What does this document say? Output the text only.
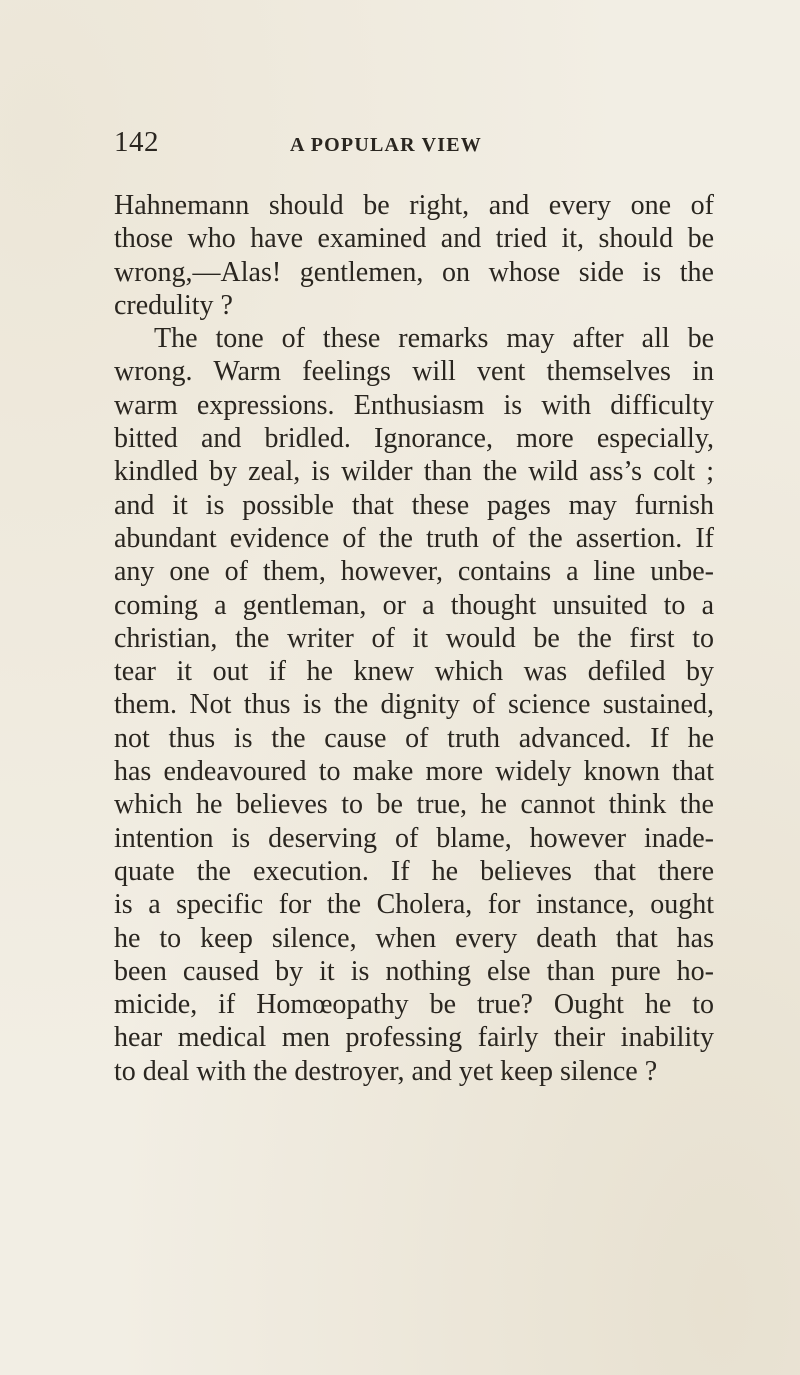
142	A POPULAR VIEW
Hahnemann should be right, and every one of
those who have examined and tried it, should be
wrong,—Alas! gentlemen, on whose side is the
credulity ?
The tone of these remarks may after all be
wrong. Warm feelings will vent themselves in
warm expressions. Enthusiasm is with difficulty
bitted and bridled. Ignorance, more especially,
kindled by zeal, is wilder than the wild ass’s colt ;
and it is possible that these pages may furnish
abundant evidence of the truth of the assertion. If
any one of them, however, contains a line unbe-
coming a gentleman, or a thought unsuited to a
christian, the writer of it would be the first to
tear it out if he knew which was defiled by
them. Not thus is the dignity of science sustained,
not thus is the cause of truth advanced. If he
has endeavoured to make more widely known that
which he believes to be true, he cannot think the
intention is deserving of blame, however inade-
quate the execution. If he believes that there
is a specific for the Cholera, for instance, ought
he to keep silence, when every death that has
been caused by it is nothing else than pure ho-
micide, if Homœopathy be true? Ought he to
hear medical men professing fairly their inability
to deal with the destroyer, and yet keep silence ?
